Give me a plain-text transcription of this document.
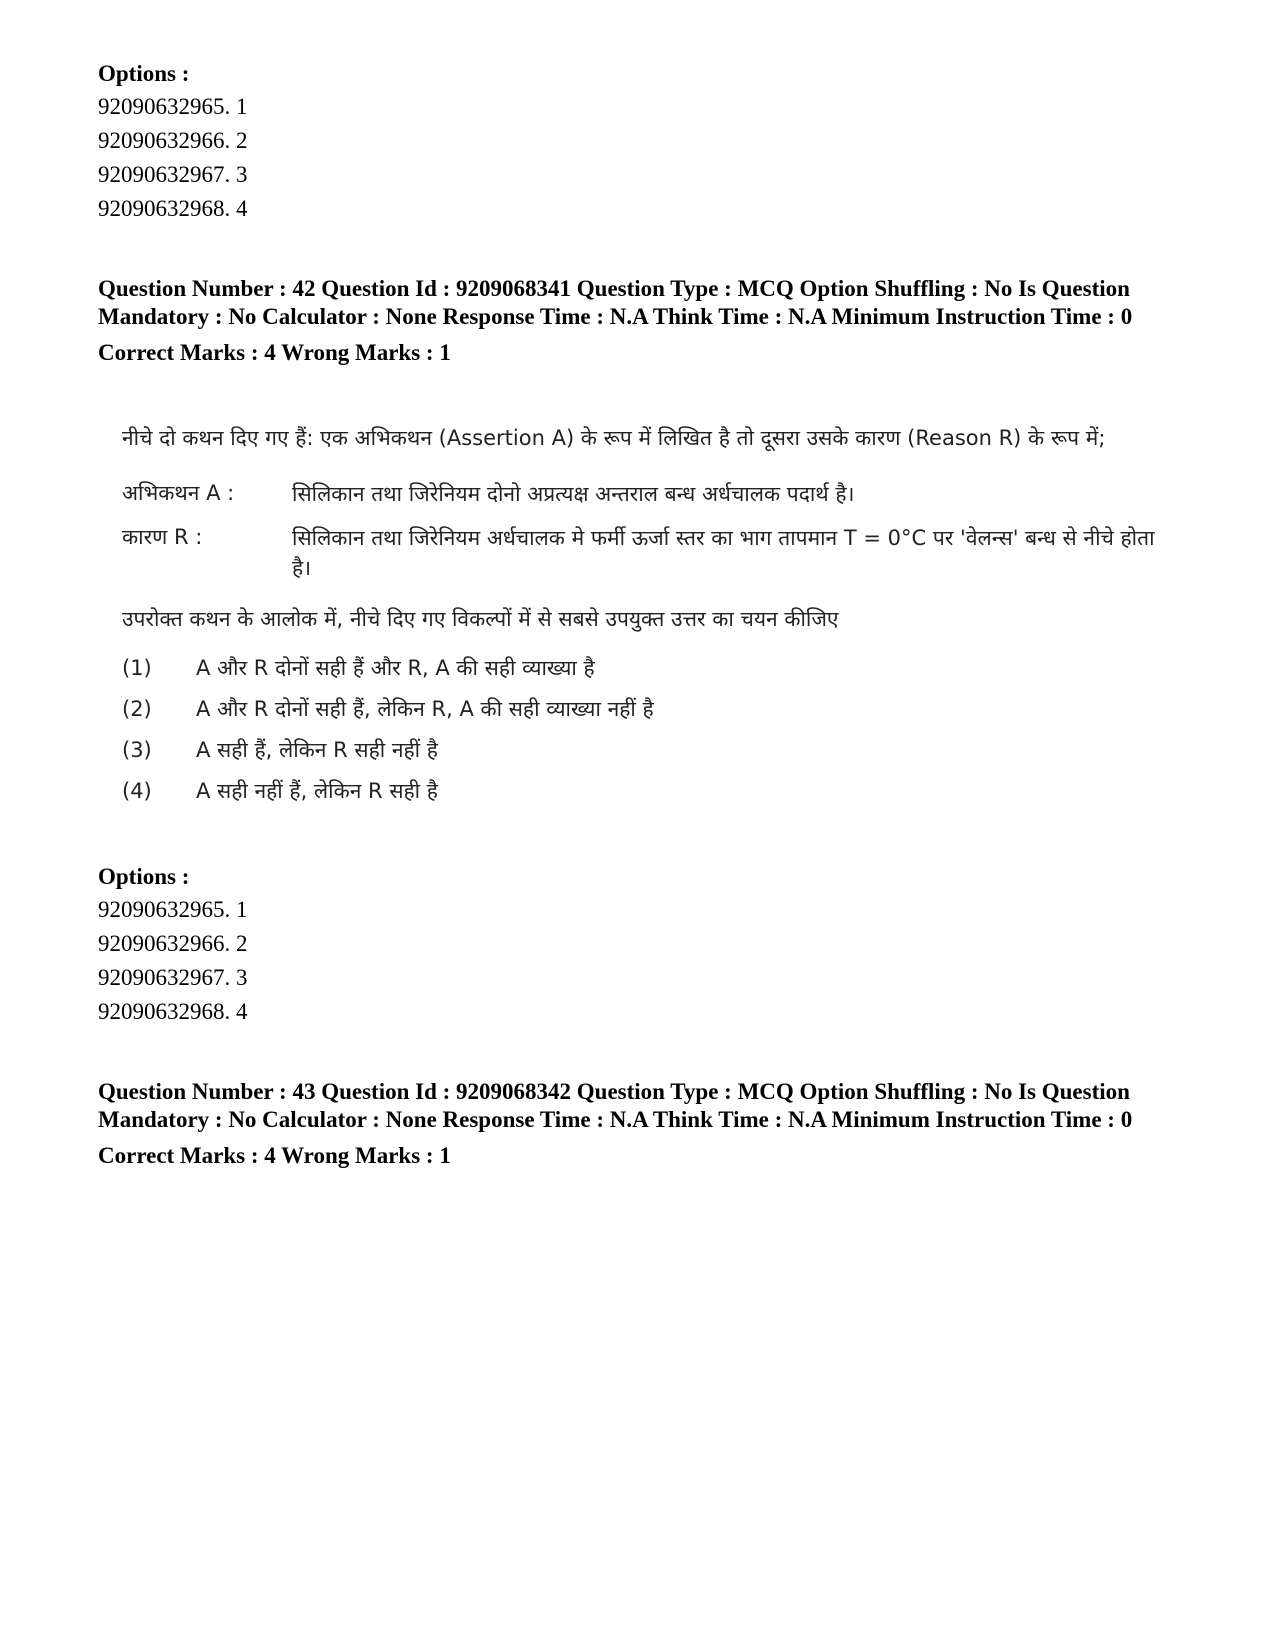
Options :
92090632965. 1
92090632966. 2
92090632967. 3
92090632968. 4
Question Number : 42 Question Id : 9209068341 Question Type : MCQ Option Shuffling : No Is Question Mandatory : No Calculator : None Response Time : N.A Think Time : N.A Minimum Instruction Time : 0
Correct Marks : 4 Wrong Marks : 1
नीचे दो कथन दिए गए हैं: एक अभिकथन (Assertion A) के रूप में लिखित है तो दूसरा उसके कारण (Reason R) के रूप में;
अभिकथन A :	सिलिकान तथा जिरेनियम दोनो अप्रत्यक्ष अन्तराल बन्ध अर्धचालक पदार्थ है।
कारण R :	सिलिकान तथा जिरेनियम अर्धचालक मे फर्मी ऊर्जा स्तर का भाग तापमान T = 0°C पर 'वेलन्स' बन्ध से नीचे होता है।
उपरोक्त कथन के आलोक में, नीचे दिए गए विकल्पों में से सबसे उपयुक्त उत्तर का चयन कीजिए
(1)	A और R दोनों सही हैं और R, A की सही व्याख्या है
(2)	A और R दोनों सही हैं, लेकिन R, A की सही व्याख्या नहीं है
(3)	A सही हैं, लेकिन R सही नहीं है
(4)	A सही नहीं हैं, लेकिन R सही है
Options :
92090632965. 1
92090632966. 2
92090632967. 3
92090632968. 4
Question Number : 43 Question Id : 9209068342 Question Type : MCQ Option Shuffling : No Is Question Mandatory : No Calculator : None Response Time : N.A Think Time : N.A Minimum Instruction Time : 0
Correct Marks : 4 Wrong Marks : 1
